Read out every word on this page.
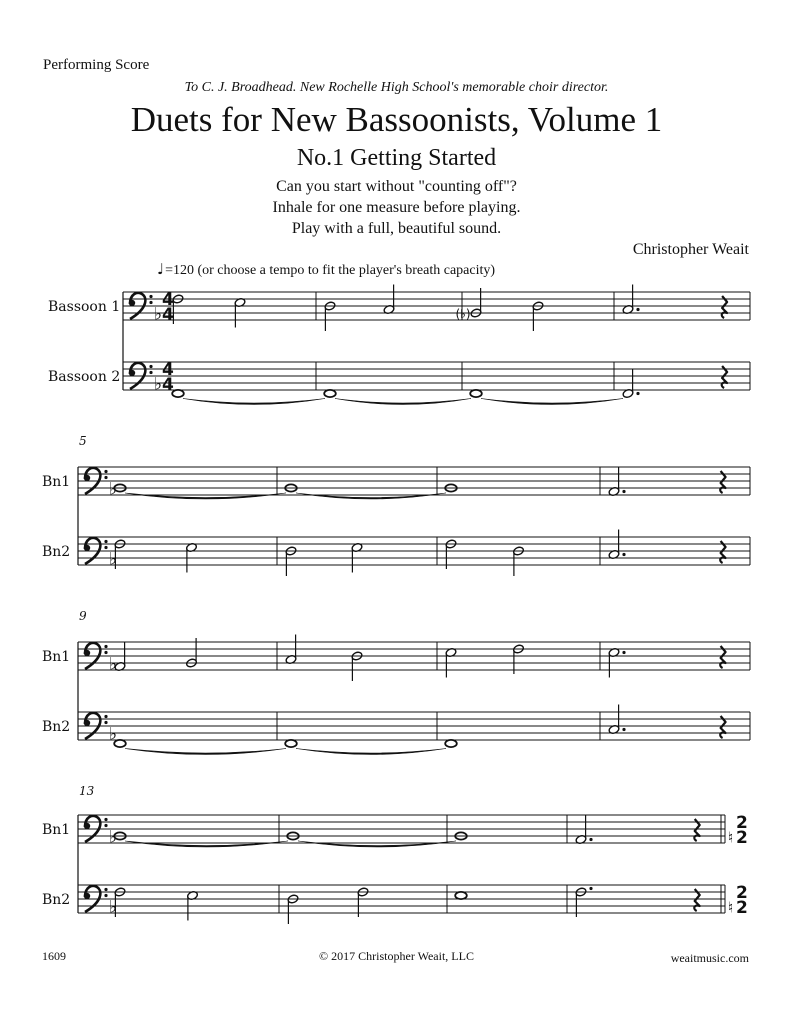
Performing Score
To C. J. Broadhead. New Rochelle High School's memorable choir director.
Duets for New Bassoonists, Volume 1
No.1 Getting Started
Can you start without "counting off"?
Inhale for one measure before playing.
Play with a full, beautiful sound.
Christopher Weait
♩=120 (or choose a tempo to fit the player's breath capacity)
Bassoon 1 ♭
4
4	(♭)
Bassoon 2 ♭
4
4
5
Bn1 ♭
Bn2 ♭
9
Bn1 ♭
Bn2 ♭
13
Bn1 ♭	♮
2
2
Bn2 ♭	♮
2
2
1609	© 2017 Christopher Weait, LLC	weaitmusic.com
